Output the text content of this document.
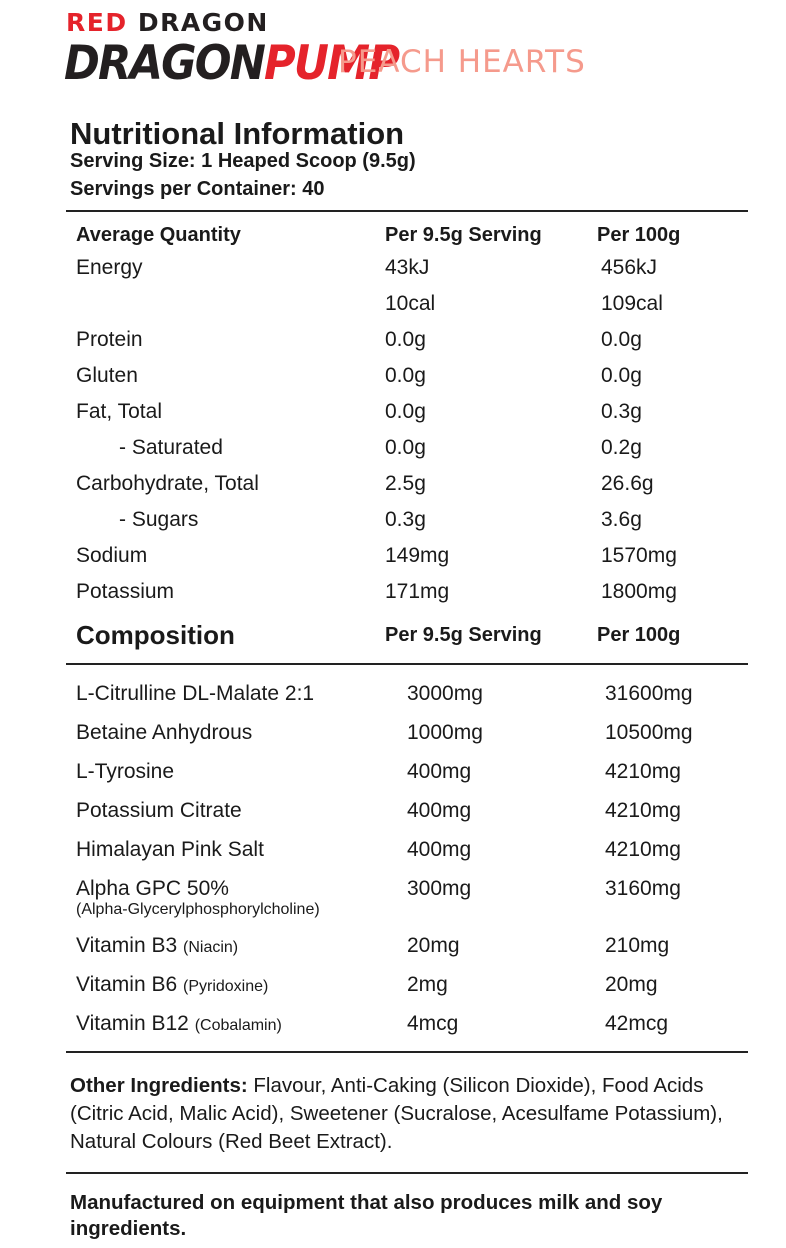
RED DRAGON
DRAGONPUMP
PEACH HEARTS
Nutritional Information
Serving Size: 1 Heaped Scoop (9.5g)
Servings per Container: 40
Average Quantity	Per 9.5g Serving	Per 100g
Energy	43kJ	456kJ
10cal	109cal
Protein	0.0g	0.0g
Gluten	0.0g	0.0g
Fat, Total	0.0g	0.3g
- Saturated	0.0g	0.2g
Carbohydrate, Total	2.5g	26.6g
- Sugars	0.3g	3.6g
Sodium	149mg	1570mg
Potassium	171mg	1800mg
Composition	Per 9.5g Serving	Per 100g
L-Citrulline DL-Malate 2:1	3000mg	31600mg
Betaine Anhydrous	1000mg	10500mg
L-Tyrosine	400mg	4210mg
Potassium Citrate	400mg	4210mg
Himalayan Pink Salt	400mg	4210mg
Alpha GPC 50%
(Alpha-Glycerylphosphorylcholine)
300mg	3160mg
Vitamin B3 (Niacin)	20mg	210mg
Vitamin B6 (Pyridoxine)	2mg	20mg
Vitamin B12 (Cobalamin)	4mcg	42mcg
Other Ingredients: Flavour, Anti-Caking (Silicon Dioxide), Food Acids (Citric Acid, Malic Acid), Sweetener (Sucralose, Acesulfame Potassium), Natural Colours (Red Beet Extract).
Manufactured on equipment that also produces milk and soy ingredients.
